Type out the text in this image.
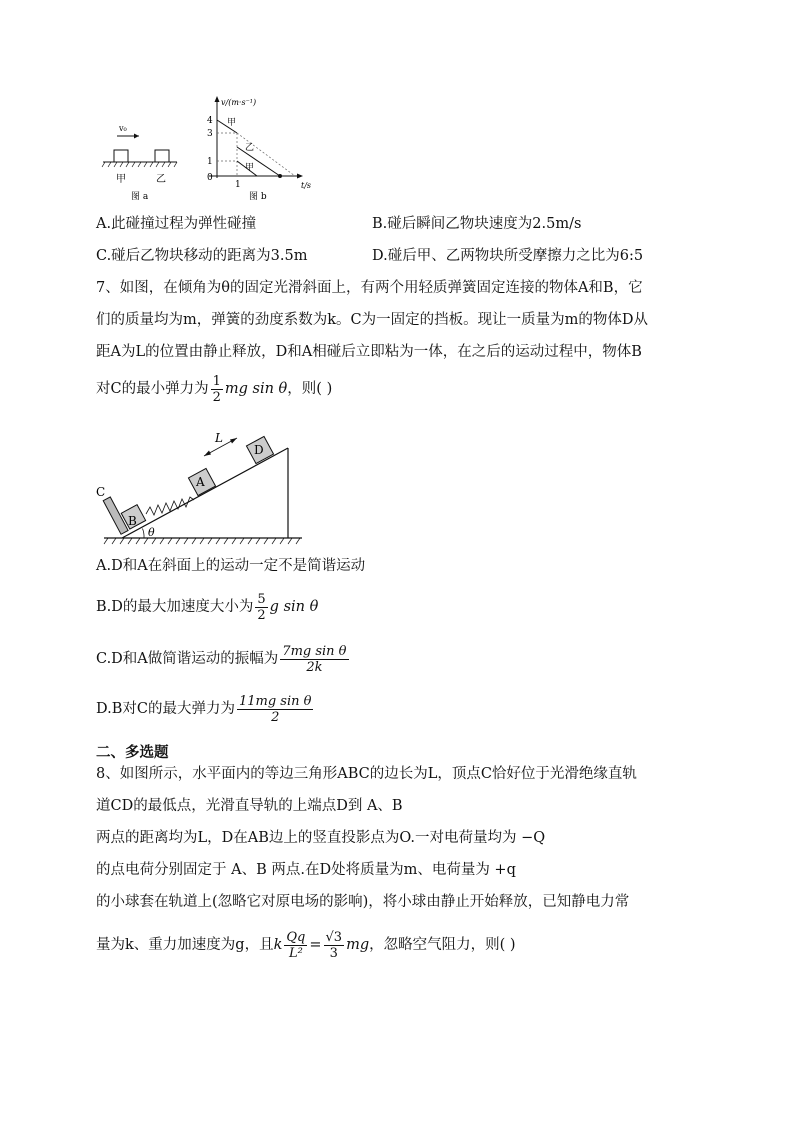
v₀
甲	乙
图 a
v/(m·s⁻¹)
t/s
4
3
1
0
1
甲
乙
甲
图 b
A.此碰撞过程为弹性碰撞	B.碰后瞬间乙物块速度为2.5m/s
C.碰后乙物块移动的距离为3.5m	D.碰后甲、乙两物块所受摩擦力之比为6:5
7、如图，在倾角为θ的固定光滑斜面上，有两个用轻质弹簧固定连接的物体A和B，它
们的质量均为m，弹簧的劲度系数为k。C为一固定的挡板。现让一质量为m的物体D从
距A为L的位置由静止释放，D和A相碰后立即粘为一体，在之后的运动过程中，物体B
对C的最小弹力为 $\frac{1}{2}$ mg sin θ，则( )
θ
C
B
A
D
L
A.D和A在斜面上的运动一定不是简谐运动
B.D的最大加速度大小为 $\frac{5}{2}$ g sin θ
C.D和A做简谐运动的振幅为 $\frac{\text{7mg sin θ}}{2k}$
D.B对C的最大弹力为 $\frac{\text{11mg sin θ}}{2}$
二、多选题
8、如图所示，水平面内的等边三角形ABC的边长为L，顶点C恰好位于光滑绝缘直轨
道CD的最低点，光滑直导轨的上端点D到 A、B
两点的距离均为L，D在AB边上的竖直投影点为O.一对电荷量均为 −Q
的点电荷分别固定于 A、B 两点.在D处将质量为m、电荷量为 +q
的小球套在轨道上(忽略它对原电场的影响)，将小球由静止开始释放，已知静电力常
量为k、重力加速度为g，且k $\frac{Qq}{\text{L²}} = \frac{√3}{3}$ mg，忽略空气阻力，则( )
